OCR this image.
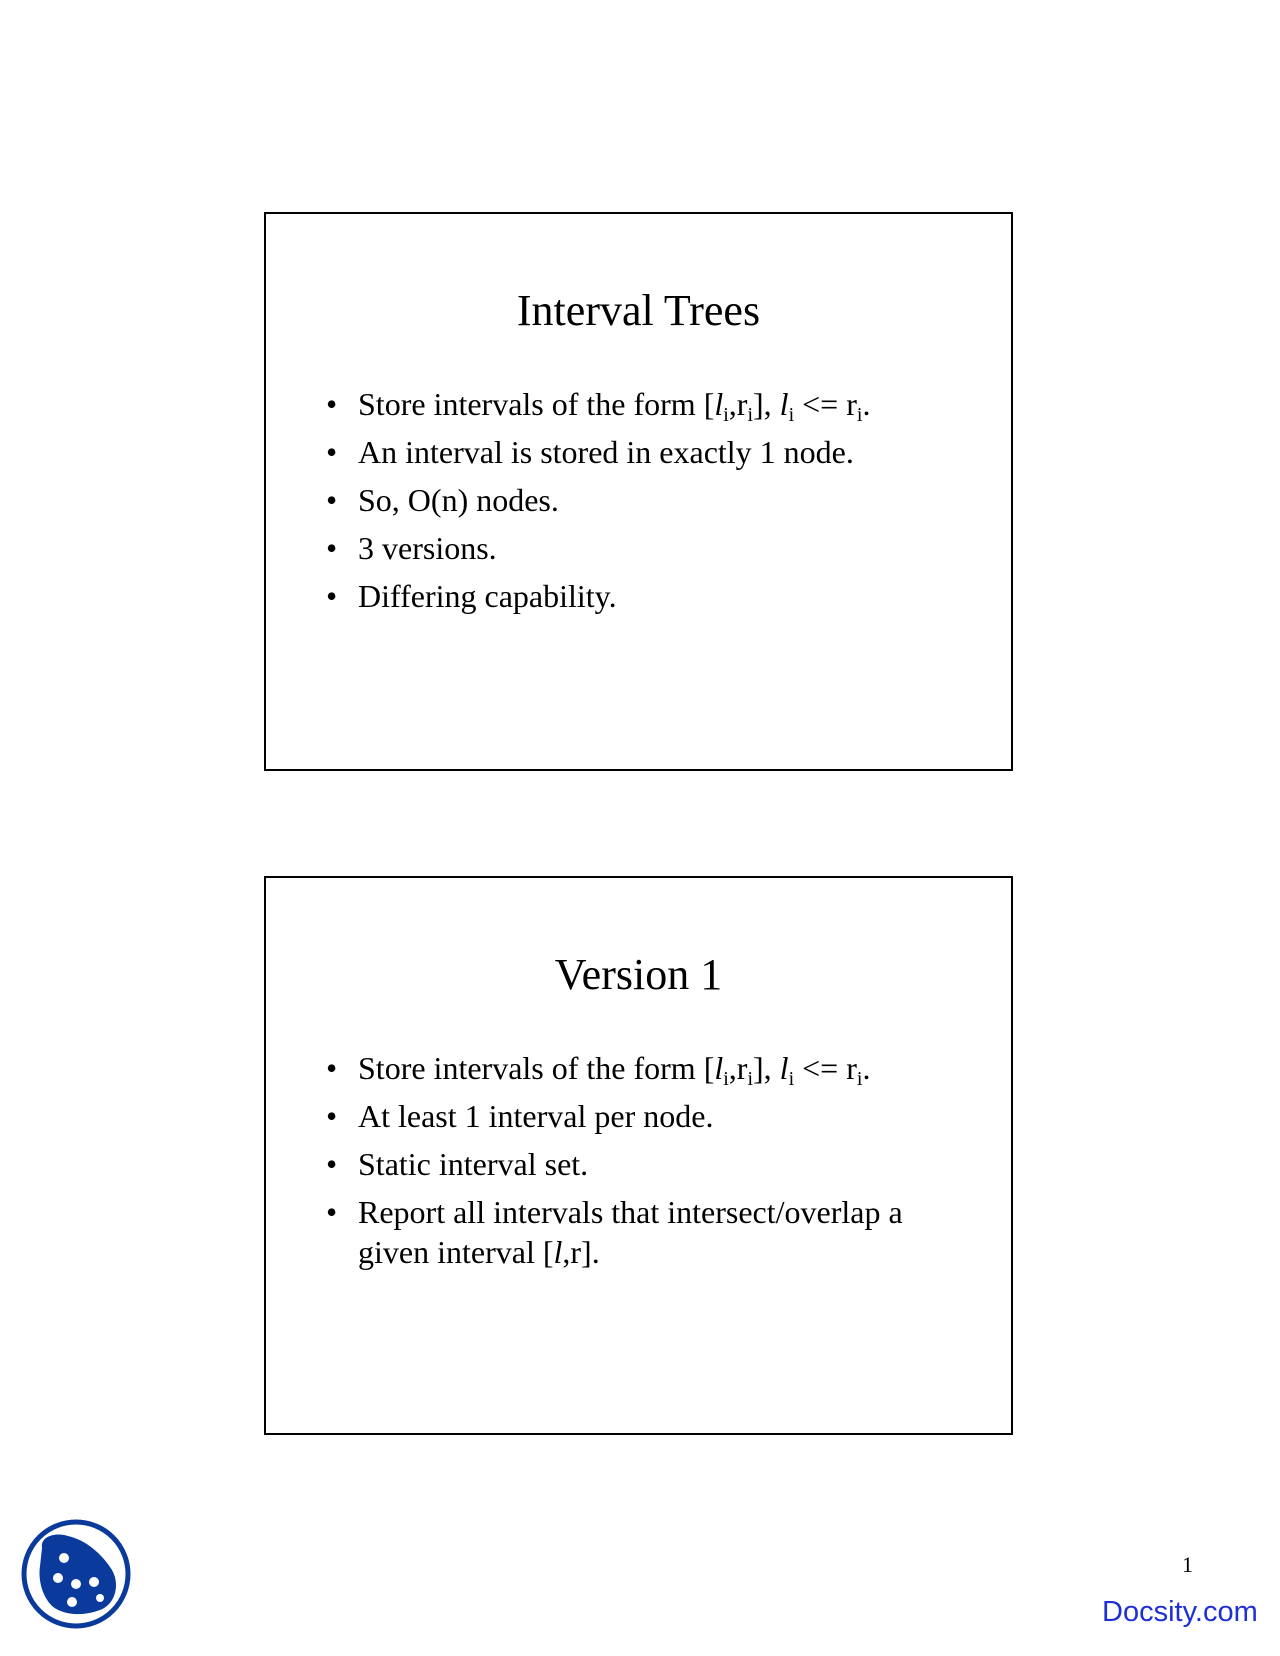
Interval Trees
• Store intervals of the form $[l_i,r_i]$, $l_i <= r_i$.
• An interval is stored in exactly 1 node.
• So, O(n) nodes.
• 3 versions.
• Differing capability.
Version 1
• Store intervals of the form $[l_i,r_i]$, $l_i <= r_i$.
• At least 1 interval per node.
• Static interval set.
• Report all intervals that intersect/overlap a given interval [l,r].
1
Docsity.com
